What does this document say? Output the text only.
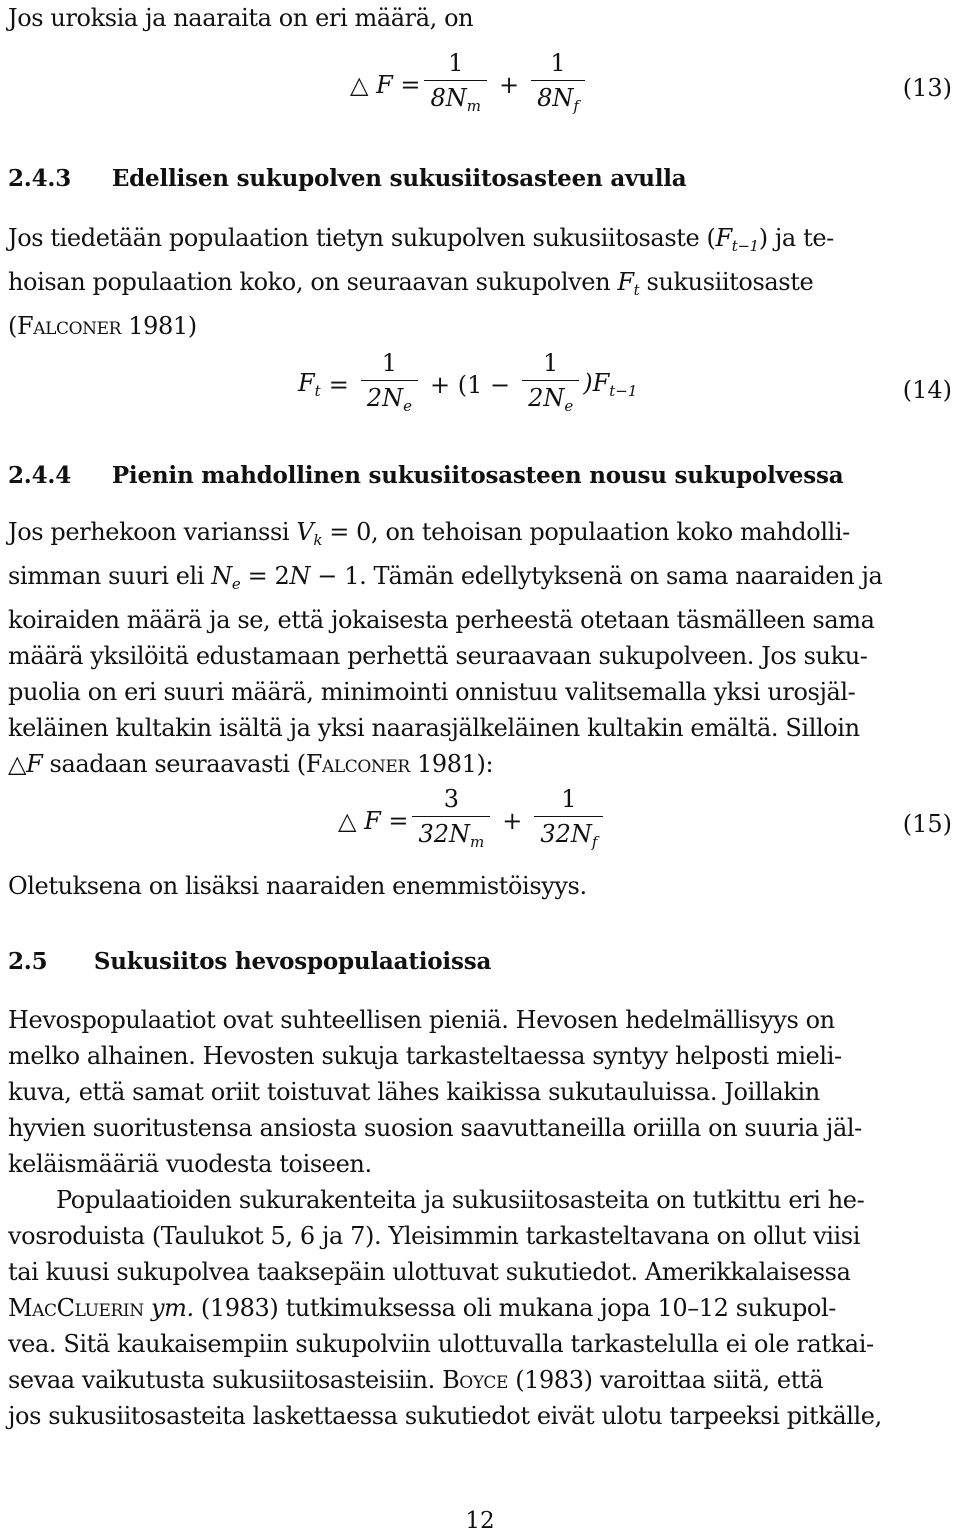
Jos uroksia ja naaraita on eri määrä, on
△ $F = \frac{1}{8N_m} + \frac{1}{8N_f}$	(13)
2.4.3 Edellisen sukupolven sukusiitosasteen avulla
Jos tiedetään populaation tietyn sukupolven sukusiitosaste $(F_{t-1})$ ja te-
hoisan populaation koko, on seuraavan sukupolven $F_t$ sukusiitosaste
(Falconer 1981)
$F_t = \frac{1}{2N_e} + (1 - \frac{1}{2N_e} )F_{t-1}$	(14)
2.4.4 Pienin mahdollinen sukusiitosasteen nousu sukupolvessa
Jos perhekoon varianssi $V_k = 0$, on tehoisan populaation koko mahdolli-
simman suuri eli $N_e = 2N - 1$. Tämän edellytyksenä on sama naaraiden ja
koiraiden määrä ja se, että jokaisesta perheestä otetaan täsmälleen sama
määrä yksilöitä edustamaan perhettä seuraavaan sukupolveen. Jos suku-
puolia on eri suuri määrä, minimointi onnistuu valitsemalla yksi urosjäl-
keläinen kultakin isältä ja yksi naarasjälkeläinen kultakin emältä. Silloin
△F saadaan seuraavasti (Falconer 1981):
△ $F = \frac{3}{32N_m} + \frac{1}{32N_f}$	(15)
Oletuksena on lisäksi naaraiden enemmistöisyys.
2.5 Sukusiitos hevospopulaatioissa
Hevospopulaatiot ovat suhteellisen pieniä. Hevosen hedelmällisyys on
melko alhainen. Hevosten sukuja tarkasteltaessa syntyy helposti mieli-
kuva, että samat oriit toistuvat lähes kaikissa sukutauluissa. Joillakin
hyvien suoritustensa ansiosta suosion saavuttaneilla oriilla on suuria jäl-
keläismääriä vuodesta toiseen.
Populaatioiden sukurakenteita ja sukusiitosasteita on tutkittu eri he-
vosroduista (Taulukot 5, 6 ja 7). Yleisimmin tarkasteltavana on ollut viisi
tai kuusi sukupolvea taaksepäin ulottuvat sukutiedot. Amerikkalaisessa
MacCluerin ym. (1983) tutkimuksessa oli mukana jopa 10–12 sukupol-
vea. Sitä kaukaisempiin sukupolviin ulottuvalla tarkastelulla ei ole ratkai-
sevaa vaikutusta sukusiitosasteisiin. Boyce (1983) varoittaa siitä, että
jos sukusiitosasteita laskettaessa sukutiedot eivät ulotu tarpeeksi pitkälle,
12
